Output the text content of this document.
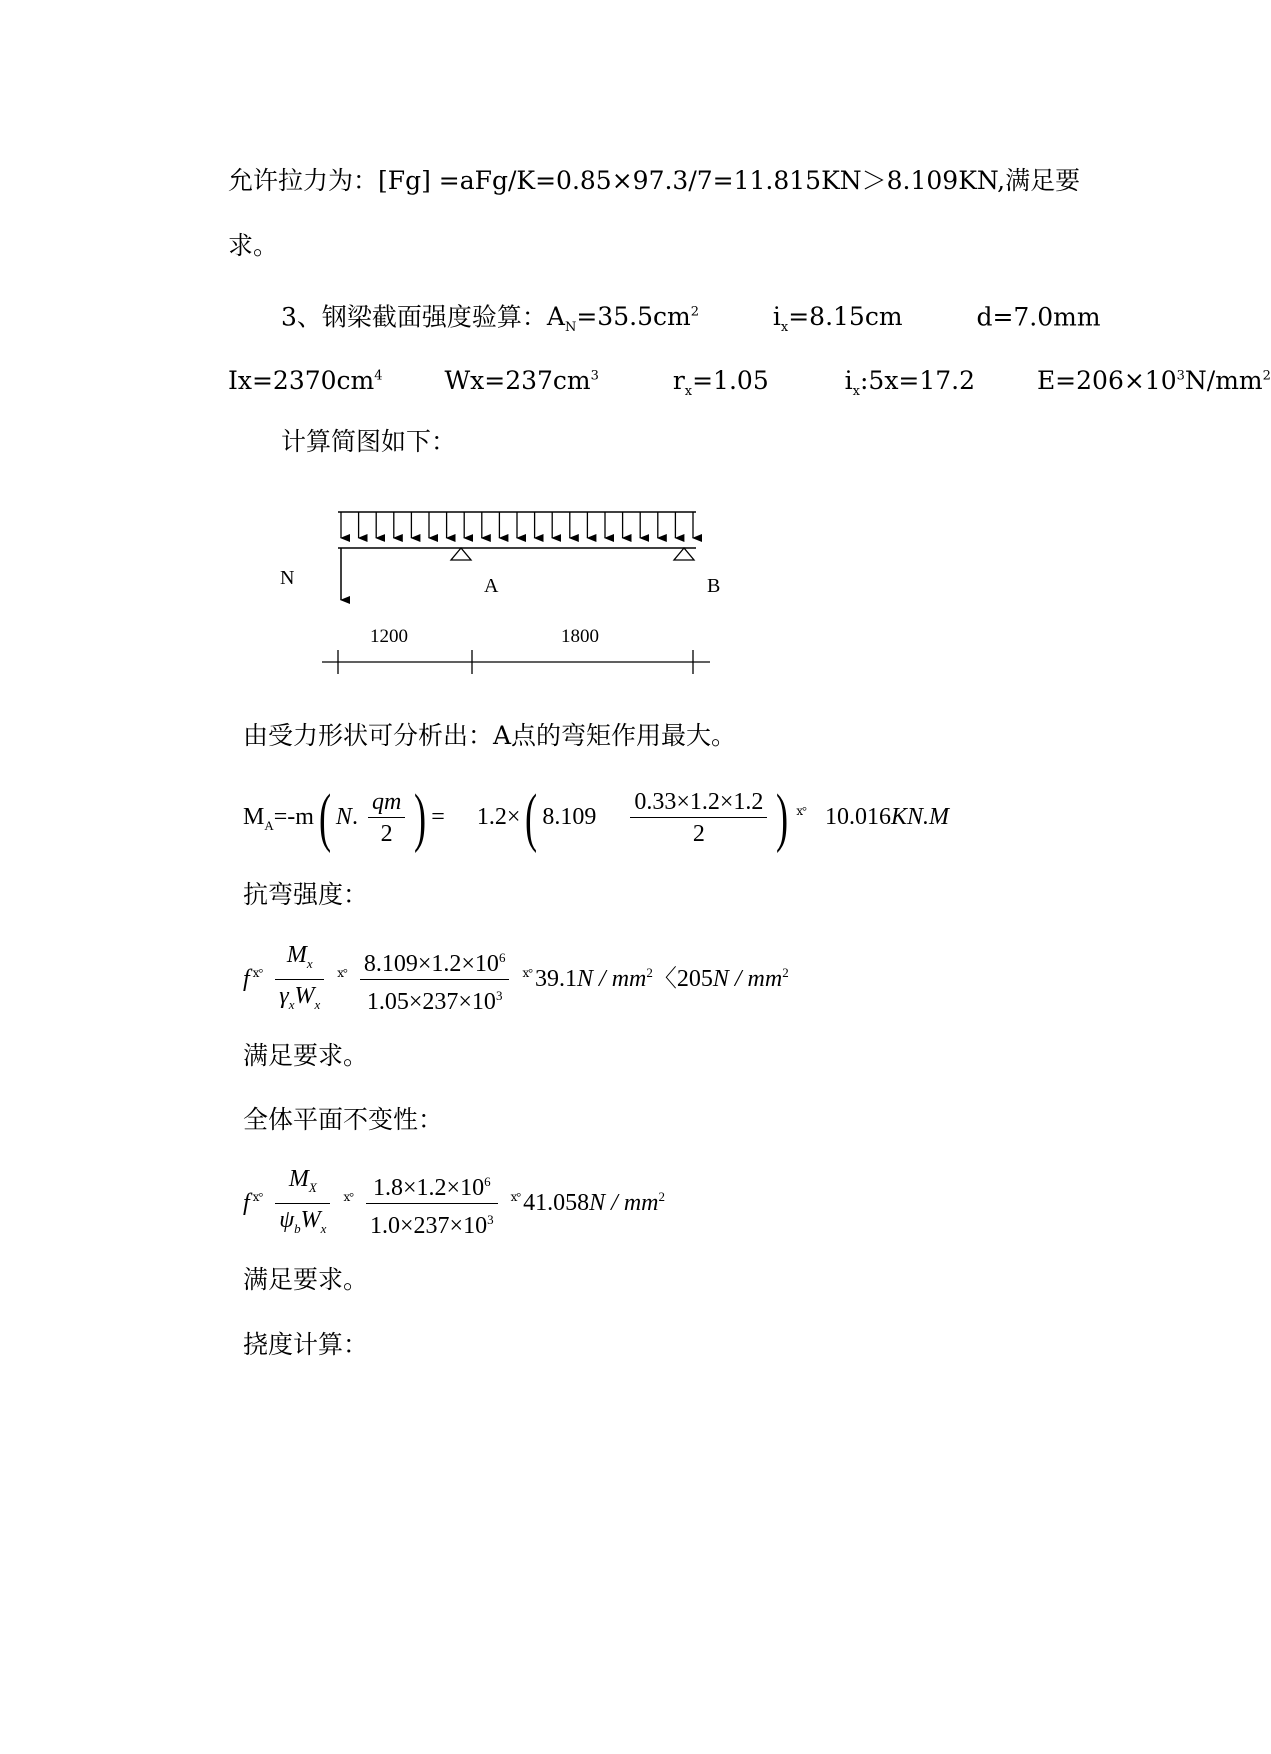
允许拉力为：[Fg] =aFg/K=0.85×97.3/7=11.815KN＞8.109KN,满足要
求。
3、钢梁截面强度验算：$A_N=35.5cm^2$	$i_x=8.15cm$	d=7.0mm
$Ix=2370cm^4$ $Wx=237cm^3$	$r_x=1.05$	$i_x:5x=17.2$ $E=206\times 10^3N/mm^2$
计算简图如下：
N	A	B
1200	1800
由受力形状可分析出：A点的弯矩作用最大。
$M_A=-m$( N. $\frac{qm}{2}$ ) = 1.2×( $8.109 \frac{0.33\times 1.2\times 1.2}{2}$ ) $^{ⅹ^\circ}$ 10.016KN.M
抗弯强度：
f $^{ⅹ^\circ} \frac{M_x}{\gamma_xW_x} ^{ⅹ^\circ} \frac{8.109\times 1.2\times 10^6}{1.05\times 237\times 10^3} ^{ⅹ^\circ}$ $39.1N / mm^2$〈$205N / mm^2$
满足要求。
全体平面不变性：
f $^{ⅹ^\circ} \frac{M_X}{\psi_bW_x} ^{ⅹ^\circ} \frac{1.8\times 1.2\times 10^6}{1.0\times 237\times 10^3} ^{ⅹ^\circ}$ $41.058N / mm^2$
满足要求。
挠度计算：
